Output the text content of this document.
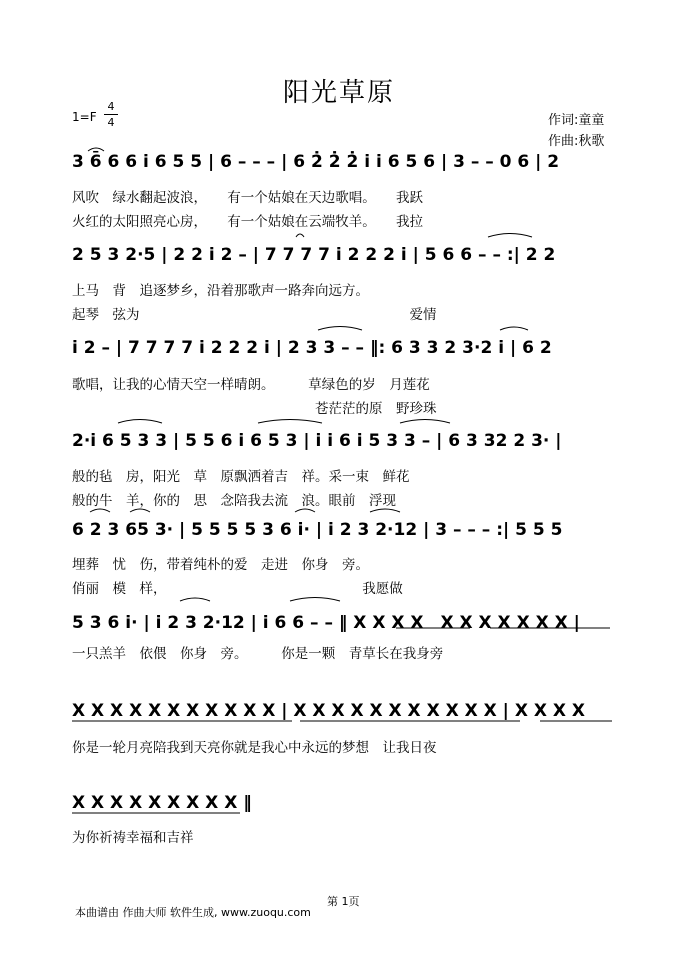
阳光草原
1=F
4
4	作词:童童
作曲:秋歌
3 6̄ 6 6 i 6 5 5 | 6 – – – | 6 2̇ 2̇ 2̇ i i 6 5 6 | 3 – – 0 6 | 2
风吹　绿水翻起波浪，　　有一个姑娘在天边歌唱。　　我跃
火红的太阳照亮心房，　　有一个姑娘在云端牧羊。　　我拉
2 5 3 2·5 | 2 2 i 2 – | 7 7 7 7 i 2 2 2 i | 5 6 6 – – :| 2 2
上马　背　追逐梦乡，沿着那歌声一路奔向远方。
起琴　弦为　　　　　　　　　　　　　　　　　　　　爱情
i 2 – | 7 7 7 7 i 2 2 2 i | 2 3 3 – – ‖: 6 3 3 2 3·2 i | 6 2
歌唱，让我的心情天空一样晴朗。　　　草绿色的岁　月莲花
　　　　　　　　　　　　　　　　　　苍茫茫的原　野珍珠
2·i 6 5 3 3 | 5 5 6 i 6 5 3 | i i 6 i 5 3 3 – | 6 3 32 2 3· |
般的毡　房，阳光　草　原飘洒着吉　祥。采一束　鲜花
般的牛　羊，你的　思　念陪我去流　浪。眼前　浮现
6 2 3 65 3· | 5 5 5 5 3 6 i· | i 2 3 2·12 | 3 – – – :| 5 5 5
埋葬　忧　伤，带着纯朴的爱　走进　你身　旁。
俏丽　模　样，　　　　　　　　　　　　　　　我愿做
5 3 6 i· | i 2 3 2·12 | i 6 6 – – ‖ X X X X　X X X X X X X |
一只羔羊　依偎　你身　旁。　　　你是一颗　青草长在我身旁
X X X X X X X X X X X | X X X X X X X X X X X | X X X X
你是一轮月亮陪我到天亮你就是我心中永远的梦想　让我日夜
X X X X X X X X X ‖
为你祈祷幸福和吉祥
第 1页
本曲谱由 作曲大师 软件生成, www.zuoqu.com
